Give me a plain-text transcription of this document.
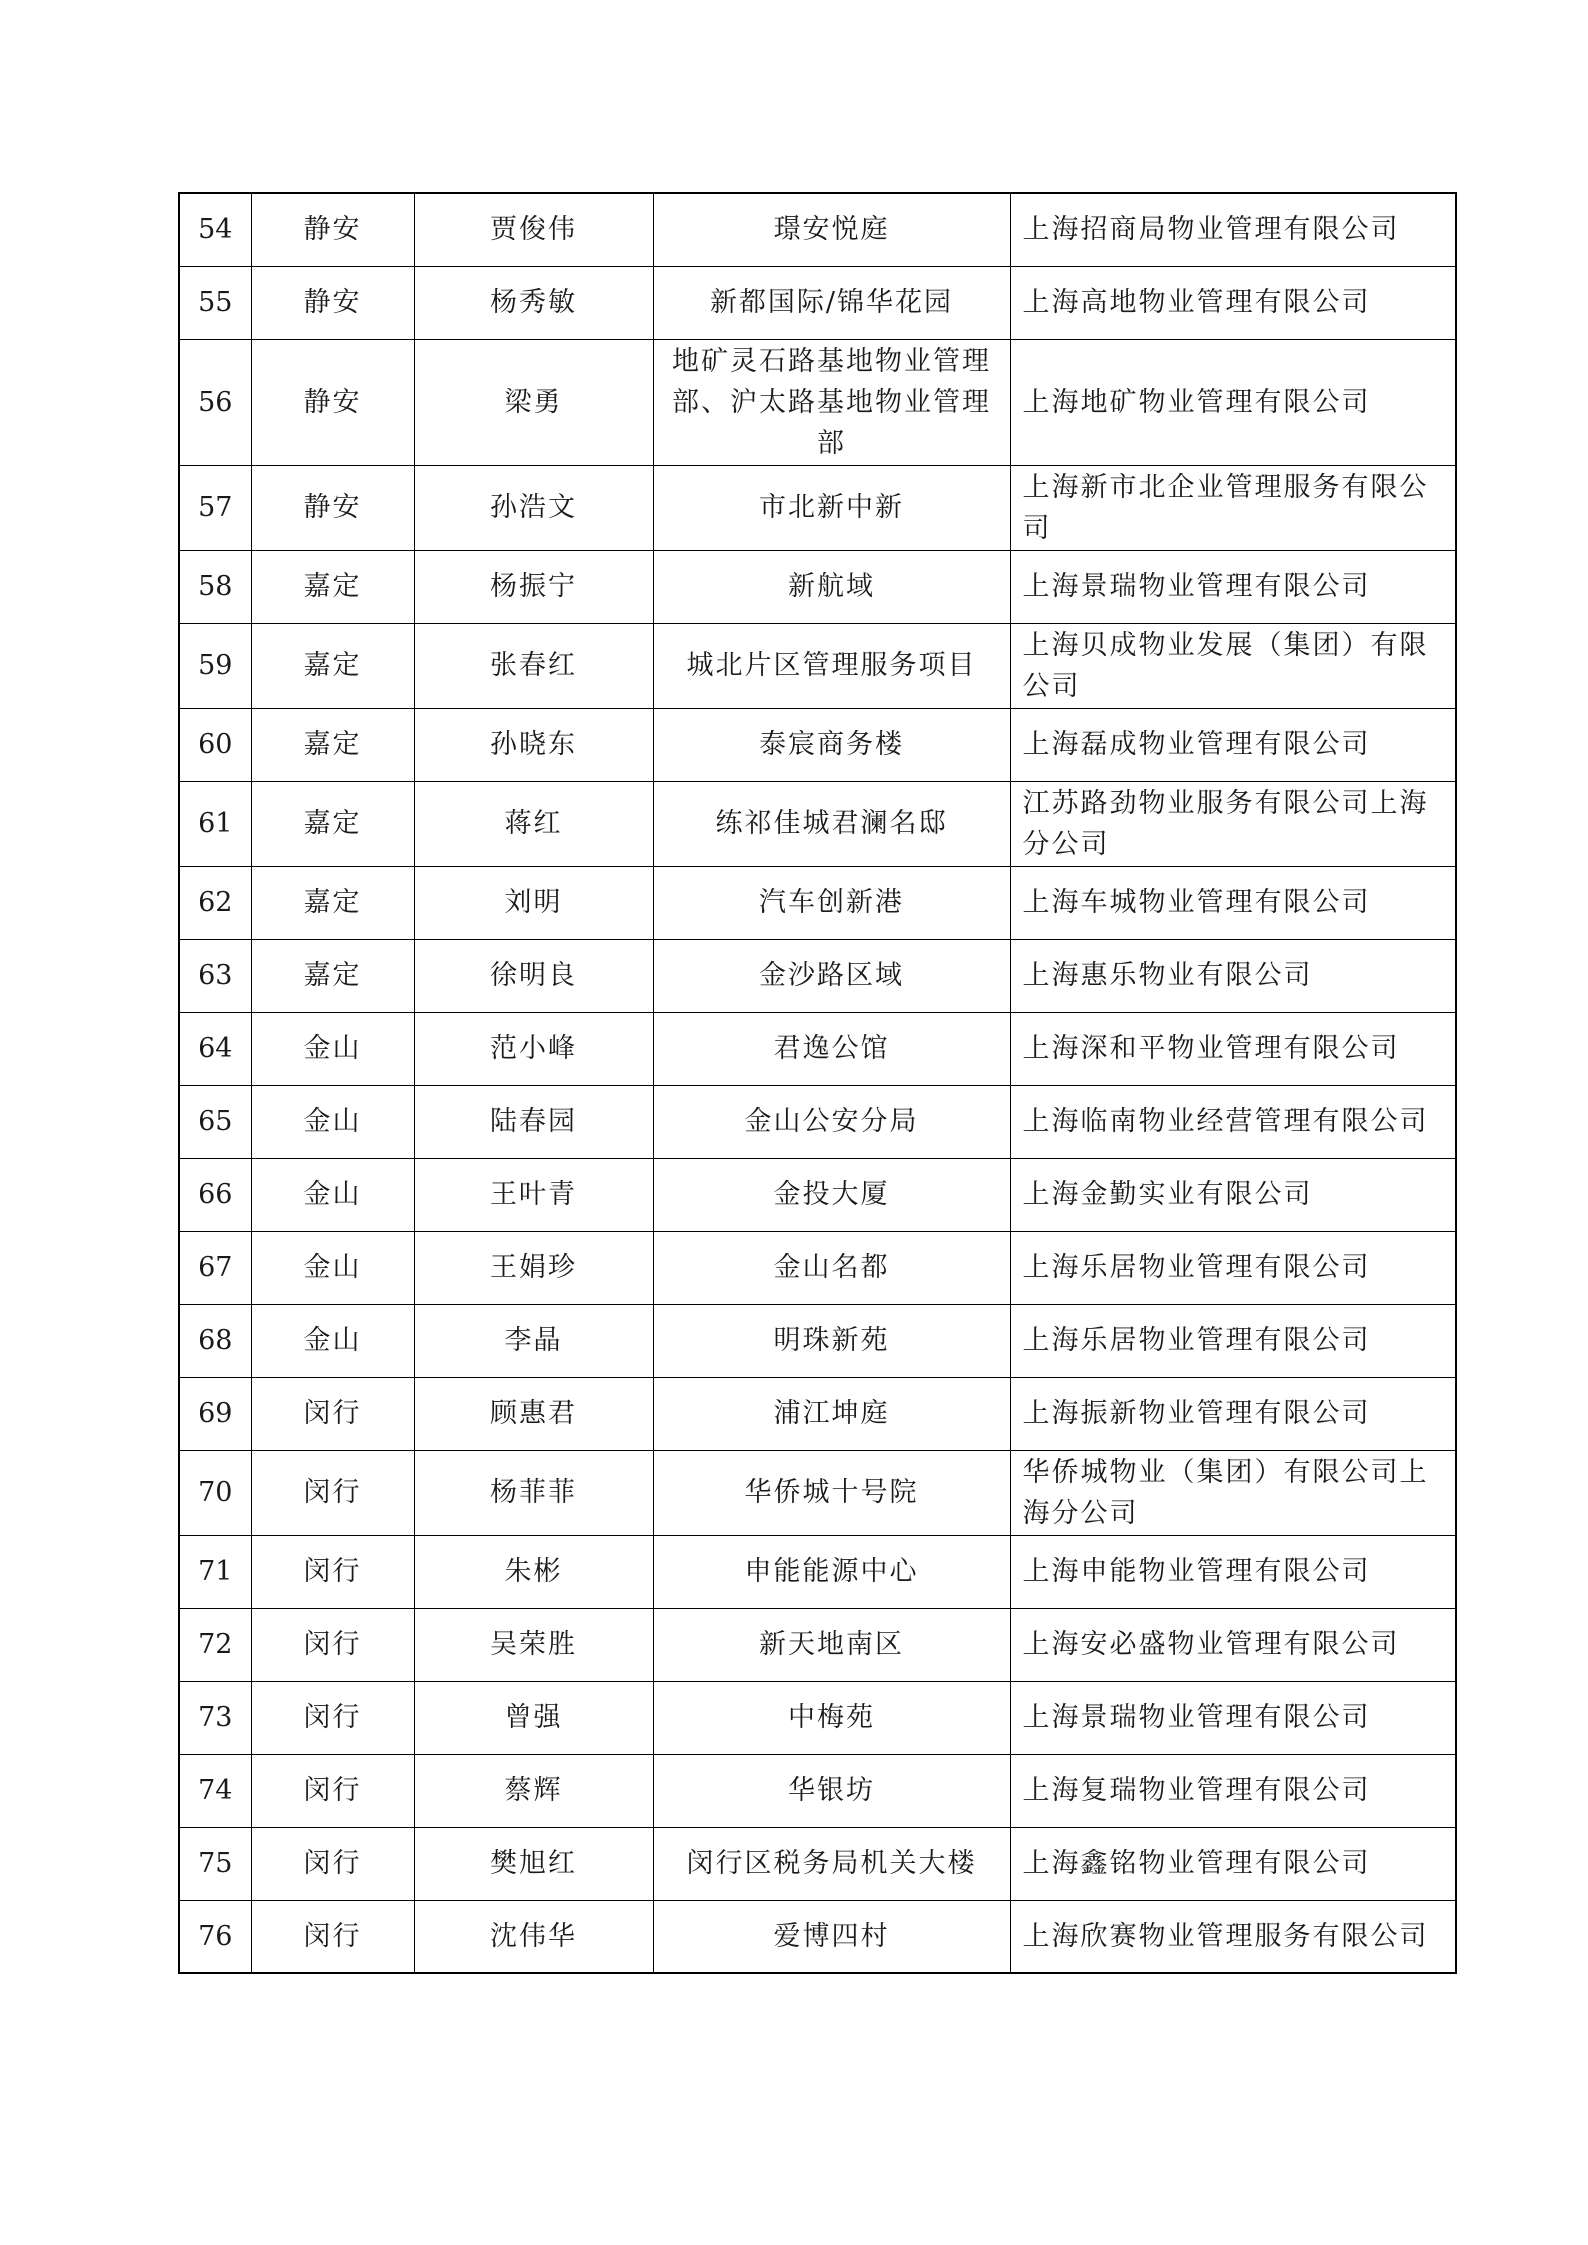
54	静安	贾俊伟	璟安悦庭	上海招商局物业管理有限公司
55	静安	杨秀敏	新都国际/锦华花园	上海高地物业管理有限公司
56	静安	梁勇	地矿灵石路基地物业管理部、沪太路基地物业管理部	上海地矿物业管理有限公司
57	静安	孙浩文	市北新中新	上海新市北企业管理服务有限公司
58	嘉定	杨振宁	新航域	上海景瑞物业管理有限公司
59	嘉定	张春红	城北片区管理服务项目	上海贝成物业发展（集团）有限公司
60	嘉定	孙晓东	泰宸商务楼	上海磊成物业管理有限公司
61	嘉定	蒋红	练祁佳城君澜名邸	江苏路劲物业服务有限公司上海分公司
62	嘉定	刘明	汽车创新港	上海车城物业管理有限公司
63	嘉定	徐明良	金沙路区域	上海惠乐物业有限公司
64	金山	范小峰	君逸公馆	上海深和平物业管理有限公司
65	金山	陆春园	金山公安分局	上海临南物业经营管理有限公司
66	金山	王叶青	金投大厦	上海金勤实业有限公司
67	金山	王娟珍	金山名都	上海乐居物业管理有限公司
68	金山	李晶	明珠新苑	上海乐居物业管理有限公司
69	闵行	顾惠君	浦江坤庭	上海振新物业管理有限公司
70	闵行	杨菲菲	华侨城十号院	华侨城物业（集团）有限公司上海分公司
71	闵行	朱彬	申能能源中心	上海申能物业管理有限公司
72	闵行	吴荣胜	新天地南区	上海安必盛物业管理有限公司
73	闵行	曾强	中梅苑	上海景瑞物业管理有限公司
74	闵行	蔡辉	华银坊	上海复瑞物业管理有限公司
75	闵行	樊旭红	闵行区税务局机关大楼	上海鑫铭物业管理有限公司
76	闵行	沈伟华	爱博四村	上海欣赛物业管理服务有限公司
